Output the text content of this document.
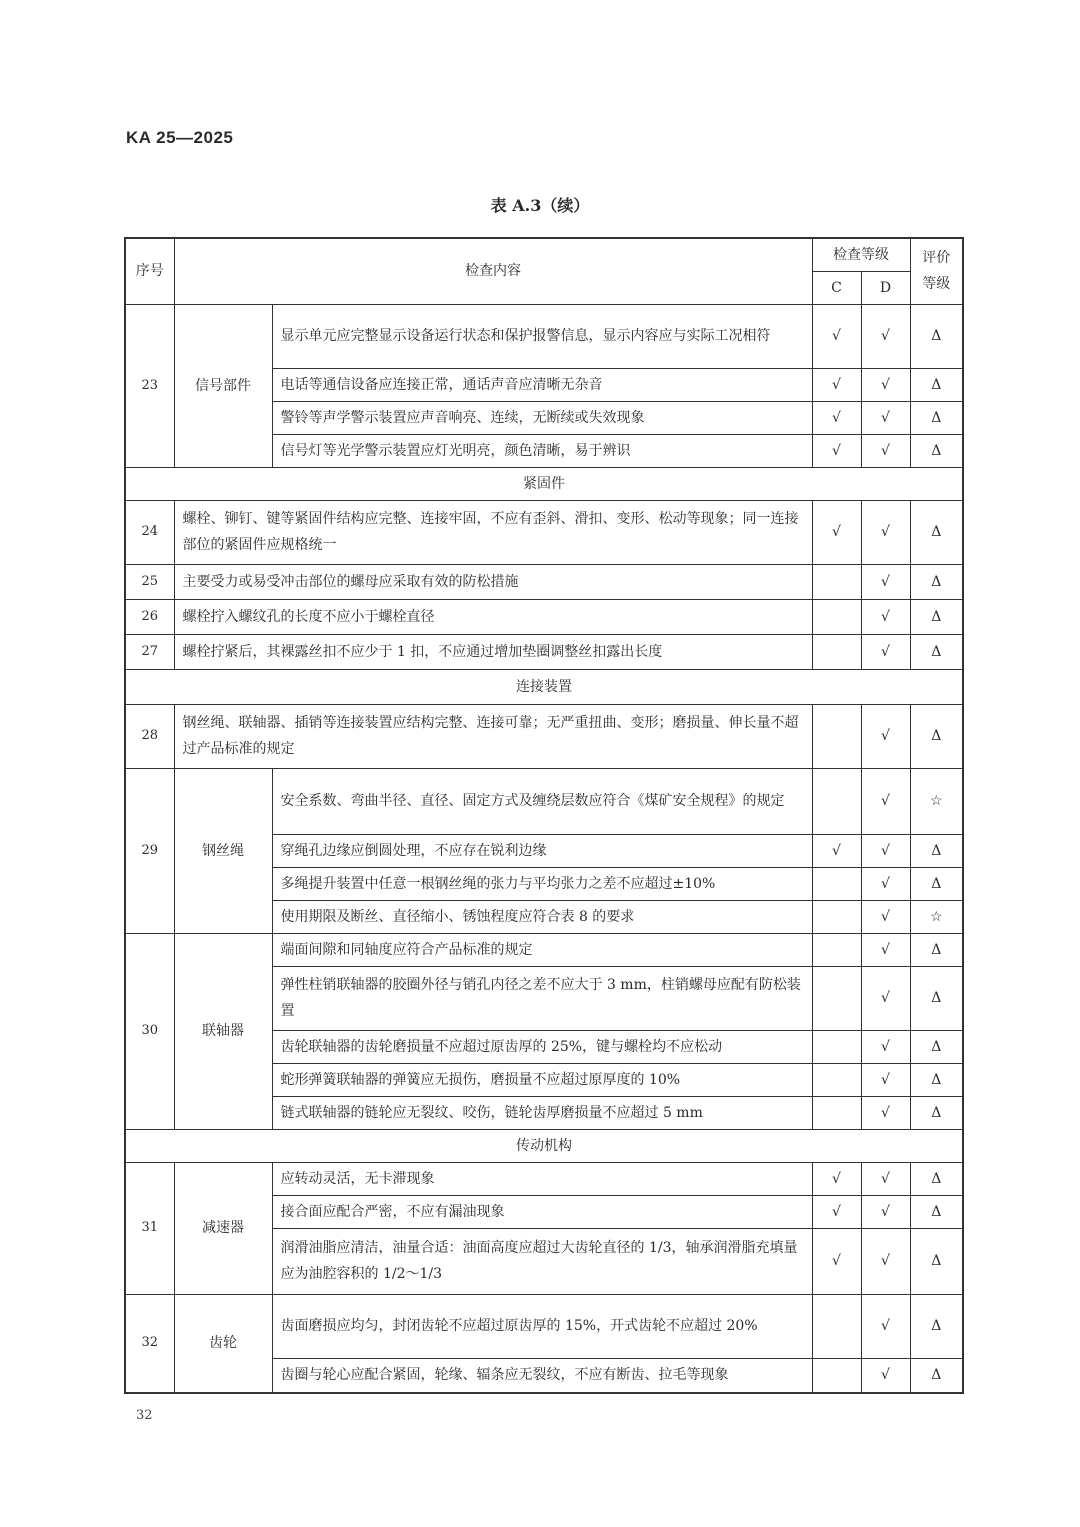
KA 25—2025
表 A.3（续）
序号	检查内容		检查等级		评价等级
			C	D	
23	信号部件	显示单元应完整显示设备运行状态和保护报警信息，显示内容应与实际工况相符	√	√	Δ
		电话等通信设备应连接正常，通话声音应清晰无杂音	√	√	Δ
		警铃等声学警示装置应声音响亮、连续，无断续或失效现象	√	√	Δ
		信号灯等光学警示装置应灯光明亮，颜色清晰，易于辨识	√	√	Δ
紧固件					
24	螺栓、铆钉、键等紧固件结构应完整、连接牢固，不应有歪斜、滑扣、变形、松动等现象；同一连接部位的紧固件应规格统一		√	√	Δ
25	主要受力或易受冲击部位的螺母应采取有效的防松措施			√	Δ
26	螺栓拧入螺纹孔的长度不应小于螺栓直径			√	Δ
27	螺栓拧紧后，其裸露丝扣不应少于 1 扣，不应通过增加垫圈调整丝扣露出长度			√	Δ
连接装置					
28	钢丝绳、联轴器、插销等连接装置应结构完整、连接可靠；无严重扭曲、变形；磨损量、伸长量不超过产品标准的规定			√	Δ
29	钢丝绳	安全系数、弯曲半径、直径、固定方式及缠绕层数应符合《煤矿安全规程》的规定		√	☆
		穿绳孔边缘应倒圆处理，不应存在锐利边缘	√	√	Δ
		多绳提升装置中任意一根钢丝绳的张力与平均张力之差不应超过±10%		√	Δ
		使用期限及断丝、直径缩小、锈蚀程度应符合表 8 的要求		√	☆
30	联轴器	端面间隙和同轴度应符合产品标准的规定		√	Δ
		弹性柱销联轴器的胶圈外径与销孔内径之差不应大于 3 mm，柱销螺母应配有防松装置		√	Δ
		齿轮联轴器的齿轮磨损量不应超过原齿厚的 25%，键与螺栓均不应松动		√	Δ
		蛇形弹簧联轴器的弹簧应无损伤，磨损量不应超过原厚度的 10%		√	Δ
		链式联轴器的链轮应无裂纹、咬伤，链轮齿厚磨损量不应超过 5 mm		√	Δ
传动机构					
31	减速器	应转动灵活，无卡滞现象	√	√	Δ
		接合面应配合严密，不应有漏油现象	√	√	Δ
		润滑油脂应清洁，油量合适：油面高度应超过大齿轮直径的 1/3，轴承润滑脂充填量应为油腔容积的 1/2～1/3	√	√	Δ
32	齿轮	齿面磨损应均匀，封闭齿轮不应超过原齿厚的 15%，开式齿轮不应超过 20%		√	Δ
		齿圈与轮心应配合紧固，轮缘、辐条应无裂纹，不应有断齿、拉毛等现象		√	Δ
32
